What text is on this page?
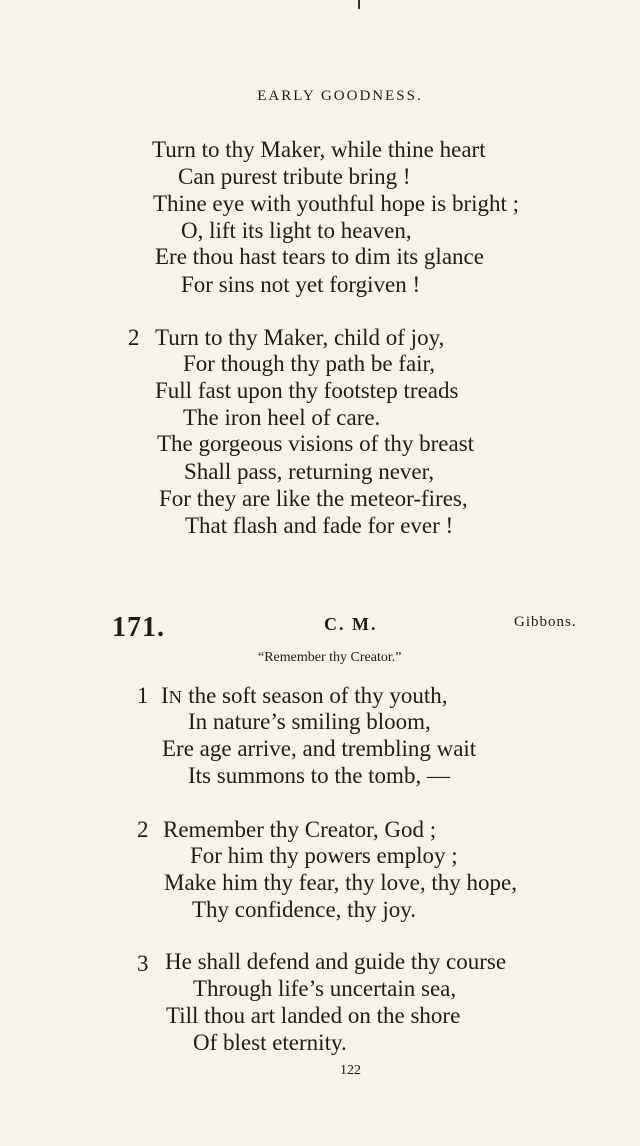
EARLY GOODNESS.
Turn to thy Maker, while thine heart
Can purest tribute bring !
Thine eye with youthful hope is bright ;
O, lift its light to heaven,
Ere thou hast tears to dim its glance
For sins not yet forgiven !
2 Turn to thy Maker, child of joy,
For though thy path be fair,
Full fast upon thy footstep treads
The iron heel of care.
The gorgeous visions of thy breast
Shall pass, returning never,
For they are like the meteor-fires,
That flash and fade for ever !
171.	C. M.	Gibbons.
“Remember thy Creator.”
1 IN the soft season of thy youth,
In nature’s smiling bloom,
Ere age arrive, and trembling wait
Its summons to the tomb, —
2 Remember thy Creator, God ;
For him thy powers employ ;
Make him thy fear, thy love, thy hope,
Thy confidence, thy joy.
3 He shall defend and guide thy course
Through life’s uncertain sea,
Till thou art landed on the shore
Of blest eternity.
122
